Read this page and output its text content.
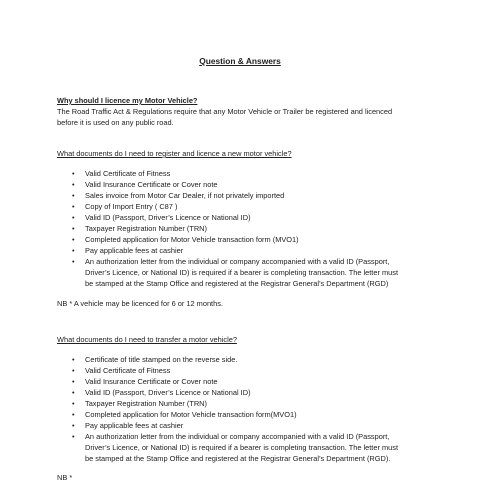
Question & Answers

Why should I licence my Motor Vehicle?

The Road Traffic Act & Regulations require that any Motor Vehicle or Trailer be registered and licenced

before it is used on any public road.

What documents do I need to register and licence a new motor vehicle?

• Valid Certificate of Fitness
• Valid Insurance Certificate or Cover note
• Sales invoice from Motor Car Dealer, if not privately imported
• Copy of Import Entry ( C87 )
• Valid ID (Passport, Driver’s Licence or National ID)
• Taxpayer Registration Number (TRN)
• Completed application for Motor Vehicle transaction form (MVO1)
• Pay applicable fees at cashier
• An authorization letter from the individual or company accompanied with a valid ID (Passport,
Driver’s Licence, or National ID) is required if a bearer is completing transaction. The letter must
be stamped at the Stamp Office and registered at the Registrar General’s Department (RGD)

NB * A vehicle may be licenced for 6 or 12 months.

What documents do I need to transfer a motor vehicle?

• Certificate of title stamped on the reverse side.
• Valid Certificate of Fitness
• Valid Insurance Certificate or Cover note
• Valid ID (Passport, Driver’s Licence or National ID)
• Taxpayer Registration Number (TRN)
• Completed application for Motor Vehicle transaction form(MVO1)
• Pay applicable fees at cashier
• An authorization letter from the individual or company accompanied with a valid ID (Passport,
Driver’s Licence, or National ID) is required if a bearer is completing transaction. The letter must
be stamped at the Stamp Office and registered at the Registrar General’s Department (RGD).

NB *
